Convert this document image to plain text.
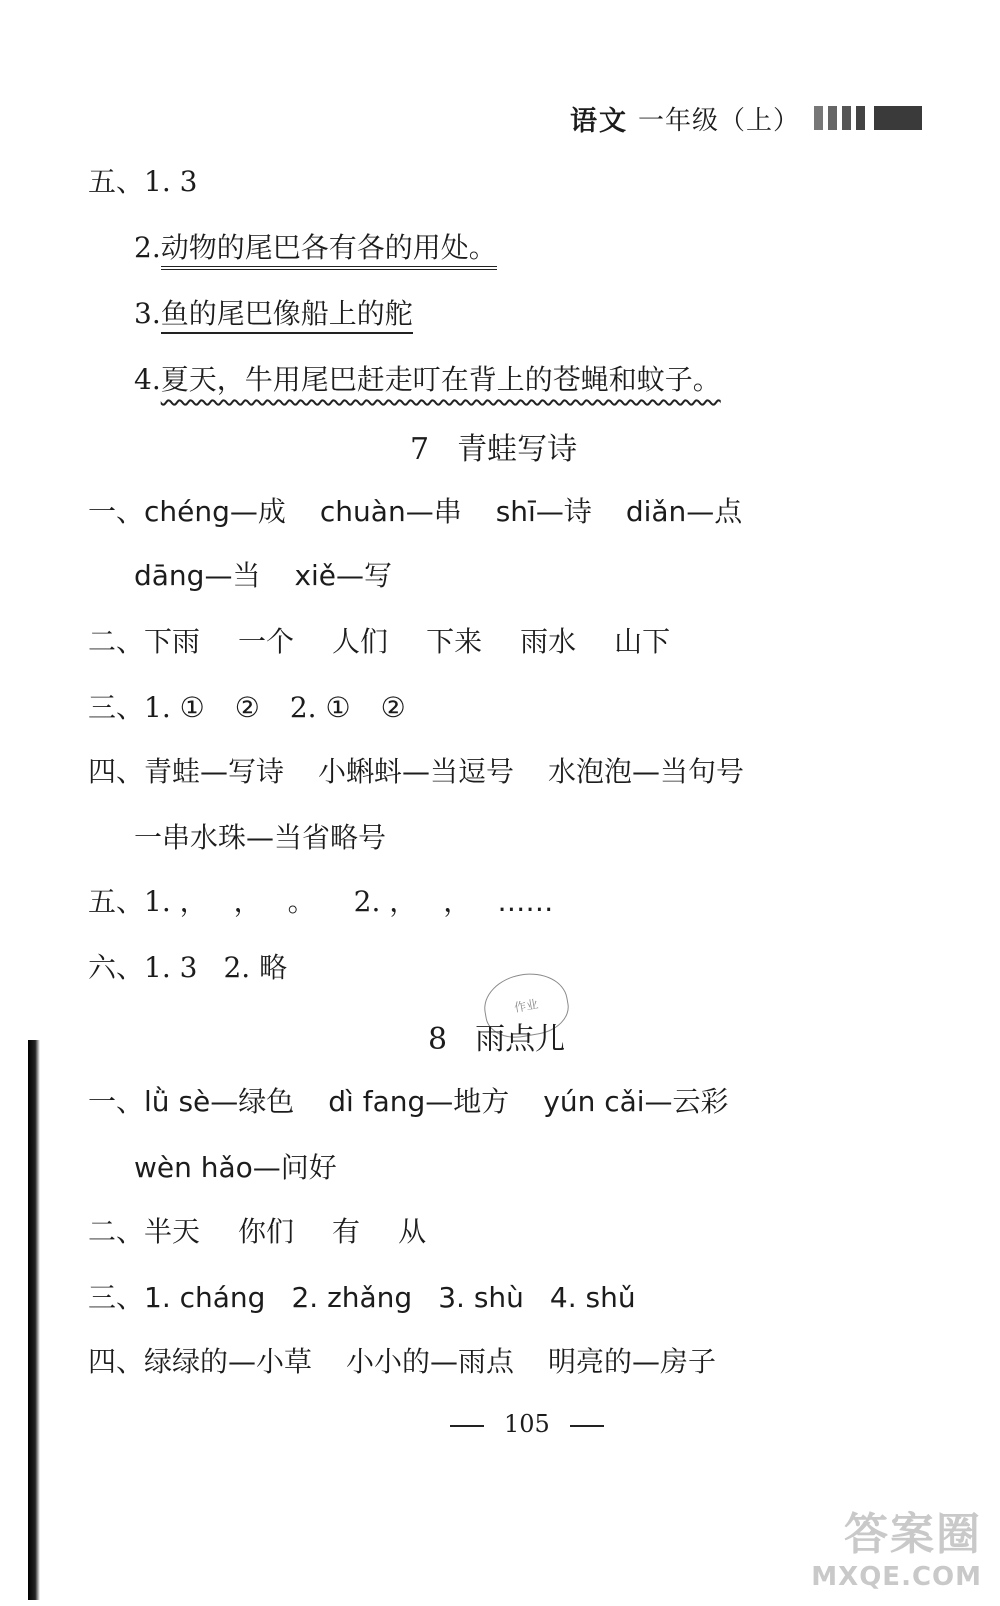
语文 一年级（上）
五、1. 3
2.动物的尾巴各有各的用处。
3.鱼的尾巴像船上的舵
4.夏天，牛用尾巴赶走叮在背上的苍蝇和蚊子。
7 青蛙写诗
一、chéng—成 chuàn—串 shī—诗 diǎn—点
dāng—当 xiě—写
二、下雨 一个 人们 下来 雨水 山下
三、1. ① ② 2. ① ②
四、青蛙—写诗 小蝌蚪—当逗号 水泡泡—当句号
一串水珠—当省略号
五、1. ， ， 。 2. ， ， ……
六、1. 3 2. 略
作业
8 雨点儿
一、lǜ sè—绿色 dì fang—地方 yún cǎi—云彩
wèn hǎo—问好
二、半天 你们 有 从
三、1. cháng 2. zhǎng 3. shù 4. shǔ
四、绿绿的—小草 小小的—雨点 明亮的—房子
105
答案圈
MXQE.COM
